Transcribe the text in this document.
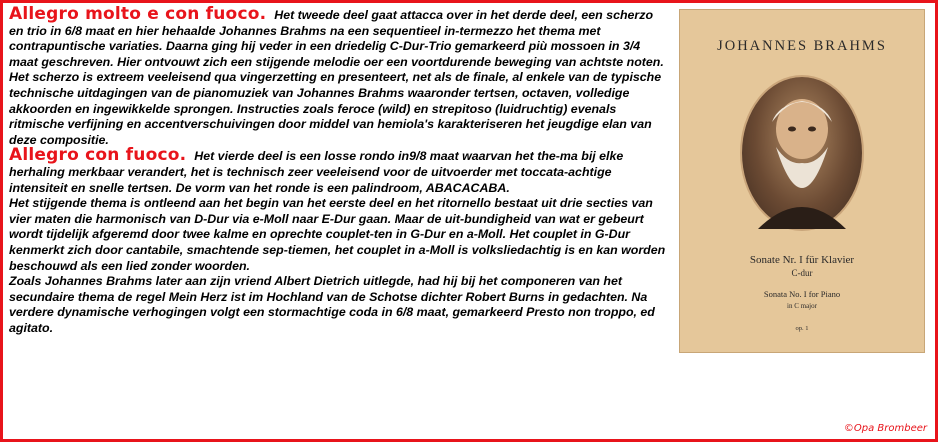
Allegro molto e con fuoco. Het tweede deel gaat attacca over in het derde deel, een scherzo en trio in 6/8 maat en hier hehaalde Johannes Brahms na een sequentieel in-termezzo het thema met contrapuntische variaties. Daarna ging hij veder in een driedelig C-Dur-Trio gemarkeerd più mossoen in 3/4 maat geschreven. Hier ontvouwt zich een stijgende melodie oer een voortdurende beweging van achtste noten.

Het scherzo is extreem veeleisend qua vingerzetting en presenteert, net als de finale, al enkele van de typische technische uitdagingen van de pianomuziek van Johannes Brahms waaronder tertsen, octaven, volledige akkoorden en ingewikkelde sprongen. Instructies zoals feroce (wild) en strepitoso (luidruchtig) evenals ritmische verfijning en accentverschuivingen door middel van hemiola's karakteriseren het jeugdige elan van deze compositie.

Allegro con fuoco. Het vierde deel is een losse rondo in9/8 maat waarvan het the-ma bij elke herhaling merkbaar verandert, het is technisch zeer veeleisend voor de uitvoerder met toccata-achtige intensiteit en snelle tertsen. De vorm van het ronde is een palindroom, ABACACABA.

Het stijgende thema is ontleend aan het begin van het eerste deel en het ritornello bestaat uit drie secties van vier maten die harmonisch van D-Dur via e-Moll naar E-Dur gaan. Maar de uit-bundigheid van wat er gebeurt wordt tijdelijk afgeremd door twee kalme en oprechte couplet-ten in G-Dur en a-Moll. Het couplet in G-Dur kenmerkt zich door cantabile, smachtende sep-tiemen, het couplet in a-Moll is volksliedachtig is en kan worden beschouwd als een lied zonder woorden.

Zoals Johannes Brahms later aan zijn vriend Albert Dietrich uitlegde, had hij bij het componeren van het secundaire thema de regel Mein Herz ist im Hochland van de Schotse dichter Robert Burns in gedachten. Na verdere dynamische verhogingen volgt een stormachtige coda in 6/8 maat, gemarkeerd Presto non troppo, ed agitato.

JOHANNES BRAHMS
Sonate Nr. I für Klavier
C-dur
Sonata No. I for Piano
in C major
op. 1
©Opa Brombeer
